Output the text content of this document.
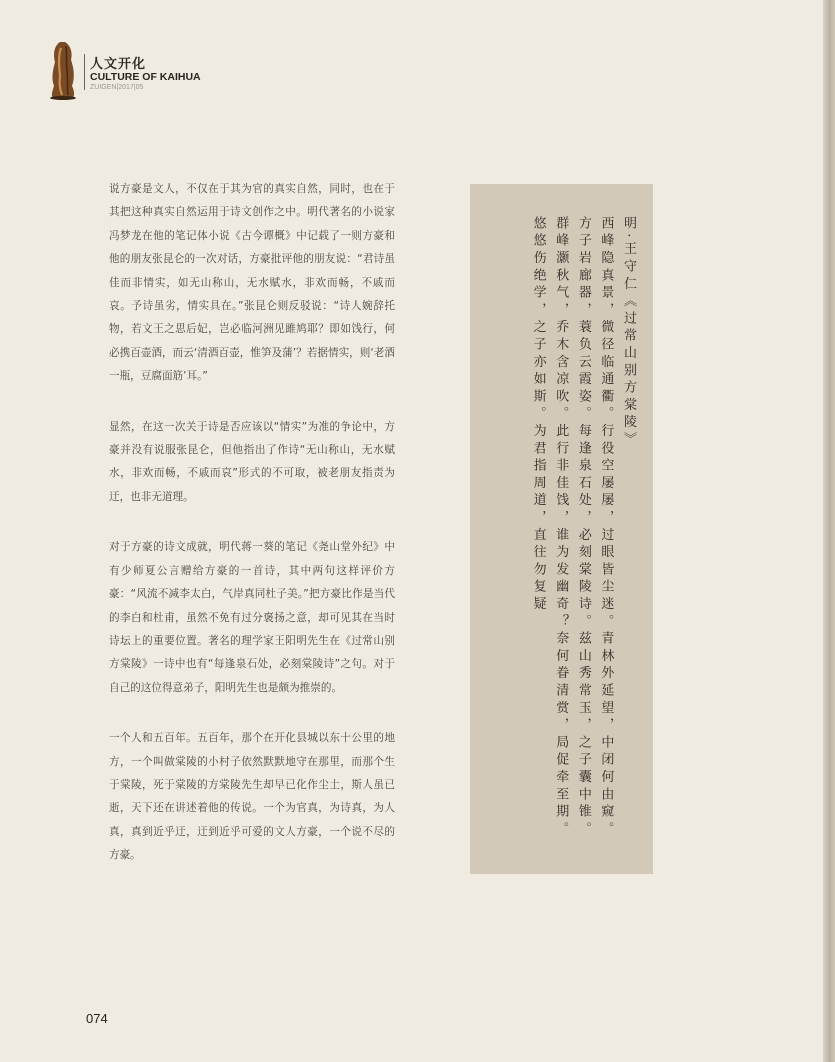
人文开化
CULTURE OF KAIHUA
ZUIGEN|2017|05

说方豪是文人，不仅在于其为官的真实自然，同时，也在于其把这种真实自然运用于诗文创作之中。明代著名的小说家冯梦龙在他的笔记体小说《古今谭概》中记载了一则方豪和他的朋友张昆仑的一次对话，方豪批评他的朋友说：“君诗虽佳而非情实，如无山称山，无水赋水，非欢而畅，不戚而哀。予诗虽劣，情实具在。”张昆仑则反驳说：“诗人婉辞托物，若文王之思后妃，岂必临河洲见雎鸠耶？即如饯行，何必携百壶酒，而云‘清酒百壶，惟笋及蒲’？若据情实，则‘老酒一瓶，豆腐面筋’耳。”

显然，在这一次关于诗是否应该以“情实”为准的争论中，方豪并没有说服张昆仑，但他指出了作诗“无山称山，无水赋水，非欢而畅，不戚而哀”形式的不可取，被老朋友指责为迂，也非无道理。

对于方豪的诗文成就，明代蒋一葵的笔记《尧山堂外纪》中有少师夏公言赠给方豪的一首诗，其中两句这样评价方豪：“风流不减李太白，气岸真同杜子美。”把方豪比作是当代的李白和杜甫，虽然不免有过分褒扬之意，却可见其在当时诗坛上的重要位置。著名的理学家王阳明先生在《过常山别方棠陵》一诗中也有“每逢泉石处，必刻棠陵诗”之句。对于自己的这位得意弟子，阳明先生也是颇为推崇的。

一个人和五百年。五百年，那个在开化县城以东十公里的地方，一个叫做棠陵的小村子依然默默地守在那里，而那个生于棠陵，死于棠陵的方棠陵先生却早已化作尘土，斯人虽已逝，天下还在讲述着他的传说。一个为官真，为诗真，为人真，真到近乎迂，迂到近乎可爱的文人方豪，一个说不尽的方豪。

明·王守仁《过常山别方棠陵》
西峰隐真景，微径临通衢。行役空屡屡，过眼皆尘迷。青林外延望，中闭何由窥。
方子岩廊器，蓑负云霞姿。每逢泉石处，必刻棠陵诗。兹山秀常玉，之子囊中锥。
群峰灏秋气，乔木含凉吹。此行非佳饯，谁为发幽奇？奈何眷清赏，局促牵至期。
悠悠伤绝学，之子亦如斯。为君指周道，直往勿复疑
074
